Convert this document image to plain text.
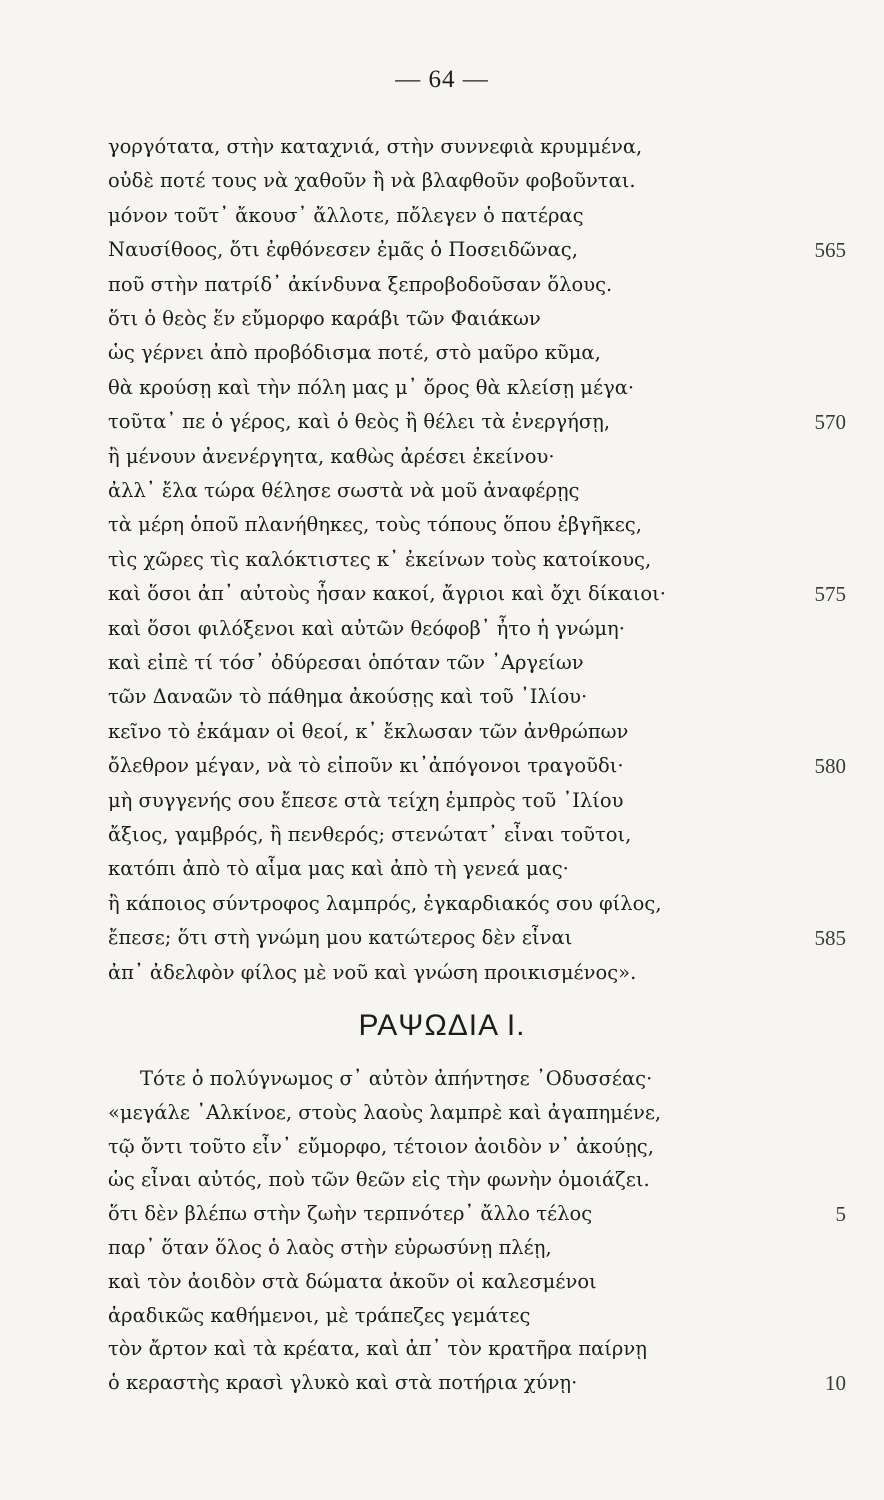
— 64 —
γοργότατα, στὴν καταχνιά, στὴν συννεφιὰ κρυμμένα,
οὐδὲ ποτέ τους νὰ χαθοῦν ἢ νὰ βλαφθοῦν φοβοῦνται.
μόνον τοῦτ᾽ ἄκουσ᾽ ἄλλοτε, πὄλεγεν ὁ πατέρας
Ναυσίθοος, ὅτι ἐφθόνεσεν ἐμᾶς ὁ Ποσειδῶνας,	565
ποῦ στὴν πατρίδ᾽ ἀκίνδυνα ξεπροβοδοῦσαν ὅλους.
ὅτι ὁ θεὸς ἕν εὔμορφο καράβι τῶν Φαιάκων
ὡς γέρνει ἀπὸ προβόδισμα ποτέ, στὸ μαῦρο κῦμα,
θὰ κρούσῃ καὶ τὴν πόλη μας μ᾽ ὄρος θὰ κλείσῃ μέγα·
τοῦτα᾽ πε ὁ γέρος, καὶ ὁ θεὸς ἢ θέλει τὰ ἐνεργήσῃ,	570
ἢ μένουν ἀνενέργητα, καθὼς ἀρέσει ἐκείνου·
ἀλλ᾽ ἔλα τώρα θέλησε σωστὰ νὰ μοῦ ἀναφέρῃς
τὰ μέρη ὁποῦ πλανήθηκες, τοὺς τόπους ὅπου ἐβγῆκες,
τὶς χῶρες τὶς καλόκτιστες κ᾽ ἐκείνων τοὺς κατοίκους,
καὶ ὅσοι ἀπ᾽ αὐτοὺς ἦσαν κακοί, ἄγριοι καὶ ὄχι δίκαιοι·	575
καὶ ὅσοι φιλόξενοι καὶ αὐτῶν θεόφοβ᾽ ἦτο ἡ γνώμη·
καὶ εἰπὲ τί τόσ᾽ ὀδύρεσαι ὁπόταν τῶν ᾽Αργείων
τῶν Δαναῶν τὸ πάθημα ἀκούσῃς καὶ τοῦ ᾽Ιλίου·
κεῖνο τὸ ἐκάμαν οἱ θεοί, κ᾽ ἔκλωσαν τῶν ἀνθρώπων
ὄλεθρον μέγαν, νὰ τὸ εἰποῦν κι᾽ἀπόγονοι τραγοῦδι·	580
μὴ συγγενής σου ἔπεσε στὰ τείχη ἐμπρὸς τοῦ ᾽Ιλίου
ἄξιος, γαμβρός, ἢ πενθερός; στενώτατ᾽ εἶναι τοῦτοι,
κατόπι ἀπὸ τὸ αἷμα μας καὶ ἀπὸ τὴ γενεά μας·
ἢ κάποιος σύντροφος λαμπρός, ἐγκαρδιακός σου φίλος,
ἔπεσε; ὅτι στὴ γνώμη μου κατώτερος δὲν εἶναι	585
ἀπ᾽ ἀδελφὸν φίλος μὲ νοῦ καὶ γνώση προικισμένος».
ΡΑΨΩΔΙΑ Ι.
Τότε ὁ πολύγνωμος σ᾽ αὐτὸν ἀπήντησε ᾽Οδυσσέας·
«μεγάλε ᾽Αλκίνοε, στοὺς λαοὺς λαμπρὲ καὶ ἀγαπημένε,
τῷ ὄντι τοῦτο εἶν᾽ εὔμορφο, τέτοιον ἀοιδὸν ν᾽ ἀκούῃς,
ὡς εἶναι αὐτός, ποὺ τῶν θεῶν εἰς τὴν φωνὴν ὁμοιάζει.
ὅτι δὲν βλέπω στὴν ζωὴν τερπνότερ᾽ ἄλλο τέλος	5
παρ᾽ ὅταν ὅλος ὁ λαὸς στὴν εὐρωσύνῃ πλέῃ,
καὶ τὸν ἀοιδὸν στὰ δώματα ἀκοῦν οἱ καλεσμένοι
ἀραδικῶς καθήμενοι, μὲ τράπεζες γεμάτες
τὸν ἄρτον καὶ τὰ κρέατα, καὶ ἀπ᾽ τὸν κρατῆρα παίρνῃ
ὁ κεραστὴς κρασὶ γλυκὸ καὶ στὰ ποτήρια χύνῃ·	10
